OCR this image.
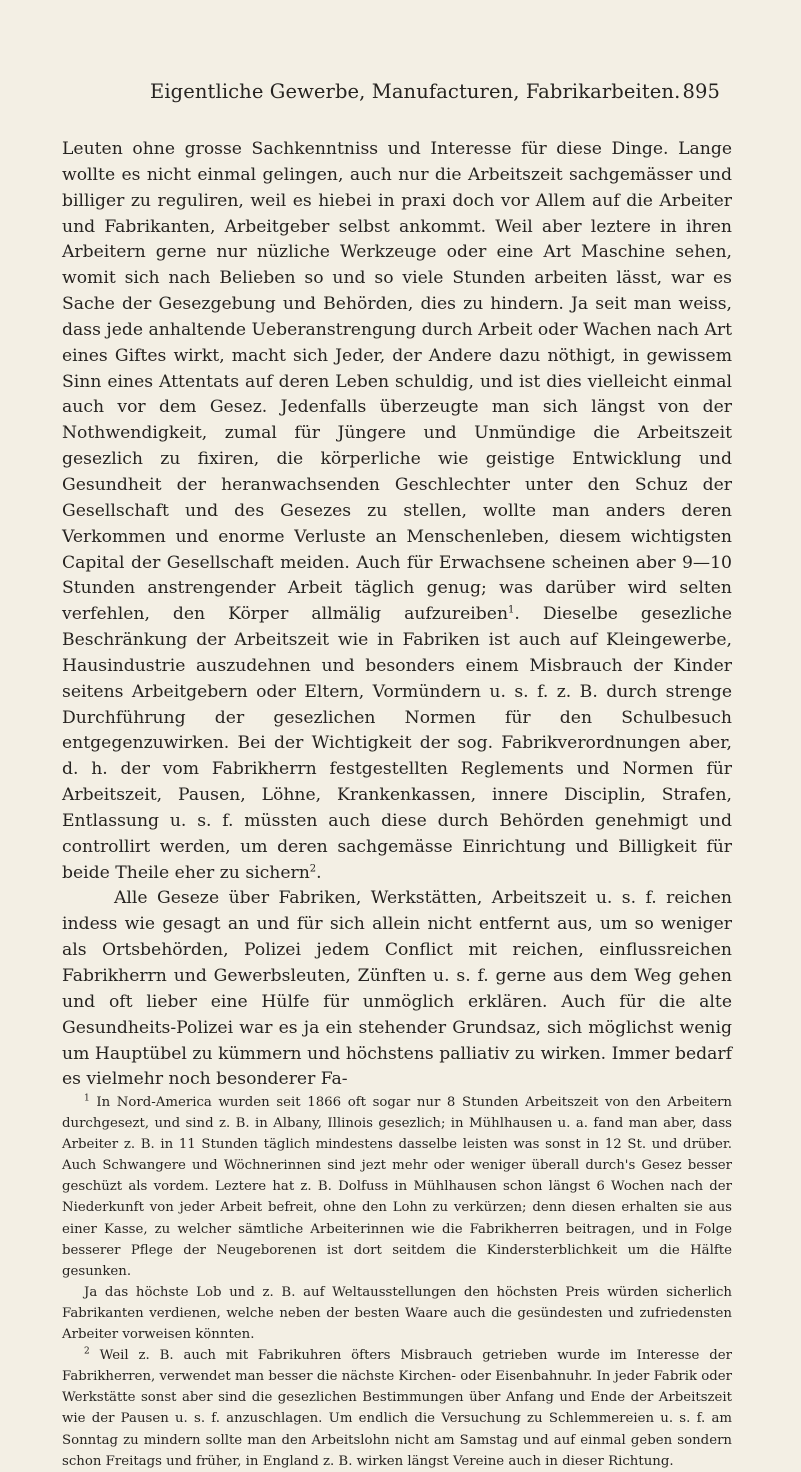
Eigentliche Gewerbe, Manufacturen, Fabrikarbeiten. 895

Leuten ohne grosse Sachkenntniss und Interesse für diese Dinge. Lange wollte es nicht einmal gelingen, auch nur die Arbeitszeit sachgemässer und billiger zu reguliren, weil es hiebei in praxi doch vor Allem auf die Arbeiter und Fabrikanten, Arbeitgeber selbst ankommt. Weil aber leztere in ihren Arbeitern gerne nur nüzliche Werkzeuge oder eine Art Maschine sehen, womit sich nach Belieben so und so viele Stunden arbeiten lässt, war es Sache der Gesezgebung und Behörden, dies zu hindern. Ja seit man weiss, dass jede anhaltende Ueberanstrengung durch Arbeit oder Wachen nach Art eines Giftes wirkt, macht sich Jeder, der Andere dazu nöthigt, in gewissem Sinn eines Attentats auf deren Leben schuldig, und ist dies vielleicht einmal auch vor dem Gesez. Jedenfalls überzeugte man sich längst von der Nothwendigkeit, zumal für Jüngere und Unmündige die Arbeitszeit gesezlich zu fixiren, die körperliche wie geistige Entwicklung und Gesundheit der heranwachsenden Geschlechter unter den Schuz der Gesellschaft und des Gesezes zu stellen, wollte man anders deren Verkommen und enorme Verluste an Menschenleben, diesem wichtigsten Capital der Gesellschaft meiden. Auch für Erwachsene scheinen aber 9—10 Stunden anstrengender Arbeit täglich genug; was darüber wird selten verfehlen, den Körper allmälig aufzureiben$^1$. Dieselbe gesezliche Beschränkung der Arbeitszeit wie in Fabriken ist auch auf Kleingewerbe, Hausindustrie auszudehnen und besonders einem Misbrauch der Kinder seitens Arbeitgebern oder Eltern, Vormündern u. s. f. z. B. durch strenge Durchführung der gesezlichen Normen für den Schulbesuch entgegenzuwirken. Bei der Wichtigkeit der sog. Fabrikverordnungen aber, d. h. der vom Fabrikherrn festgestellten Reglements und Normen für Arbeitszeit, Pausen, Löhne, Krankenkassen, innere Disciplin, Strafen, Entlassung u. s. f. müssten auch diese durch Behörden genehmigt und controllirt werden, um deren sachgemässe Einrichtung und Billigkeit für beide Theile eher zu sichern$^2$.

Alle Geseze über Fabriken, Werkstätten, Arbeitszeit u. s. f. reichen indess wie gesagt an und für sich allein nicht entfernt aus, um so weniger als Ortsbehörden, Polizei jedem Conflict mit reichen, einflussreichen Fabrikherrn und Gewerbsleuten, Zünften u. s. f. gerne aus dem Weg gehen und oft lieber eine Hülfe für unmöglich erklären. Auch für die alte Gesundheits-Polizei war es ja ein stehender Grundsaz, sich möglichst wenig um Hauptübel zu kümmern und höchstens palliativ zu wirken. Immer bedarf es vielmehr noch besonderer Fa-

$^1$ In Nord-America wurden seit 1866 oft sogar nur 8 Stunden Arbeitszeit von den Arbeitern durchgesezt, und sind z. B. in Albany, Illinois gesezlich; in Mühlhausen u. a. fand man aber, dass Arbeiter z. B. in 11 Stunden täglich mindestens dasselbe leisten was sonst in 12 St. und drüber. Auch Schwangere und Wöchnerinnen sind jezt mehr oder weniger überall durch's Gesez besser geschüzt als vordem. Leztere hat z. B. Dolfuss in Mühlhausen schon längst 6 Wochen nach der Niederkunft von jeder Arbeit befreit, ohne den Lohn zu verkürzen; denn diesen erhalten sie aus einer Kasse, zu welcher sämtliche Arbeiterinnen wie die Fabrikherren beitragen, und in Folge besserer Pflege der Neugeborenen ist dort seitdem die Kindersterblichkeit um die Hälfte gesunken.

Ja das höchste Lob und z. B. auf Weltausstellungen den höchsten Preis würden sicherlich Fabrikanten verdienen, welche neben der besten Waare auch die gesündesten und zufriedensten Arbeiter vorweisen könnten.

$^2$ Weil z. B. auch mit Fabrikuhren öfters Misbrauch getrieben wurde im Interesse der Fabrikherren, verwendet man besser die nächste Kirchen- oder Eisenbahnuhr. In jeder Fabrik oder Werkstätte sonst aber sind die gesezlichen Bestimmungen über Anfang und Ende der Arbeitszeit wie der Pausen u. s. f. anzuschlagen. Um endlich die Versuchung zu Schlemmereien u. s. f. am Sonntag zu mindern sollte man den Arbeitslohn nicht am Samstag und auf einmal geben sondern schon Freitags und früher, in England z. B. wirken längst Vereine auch in dieser Richtung.
